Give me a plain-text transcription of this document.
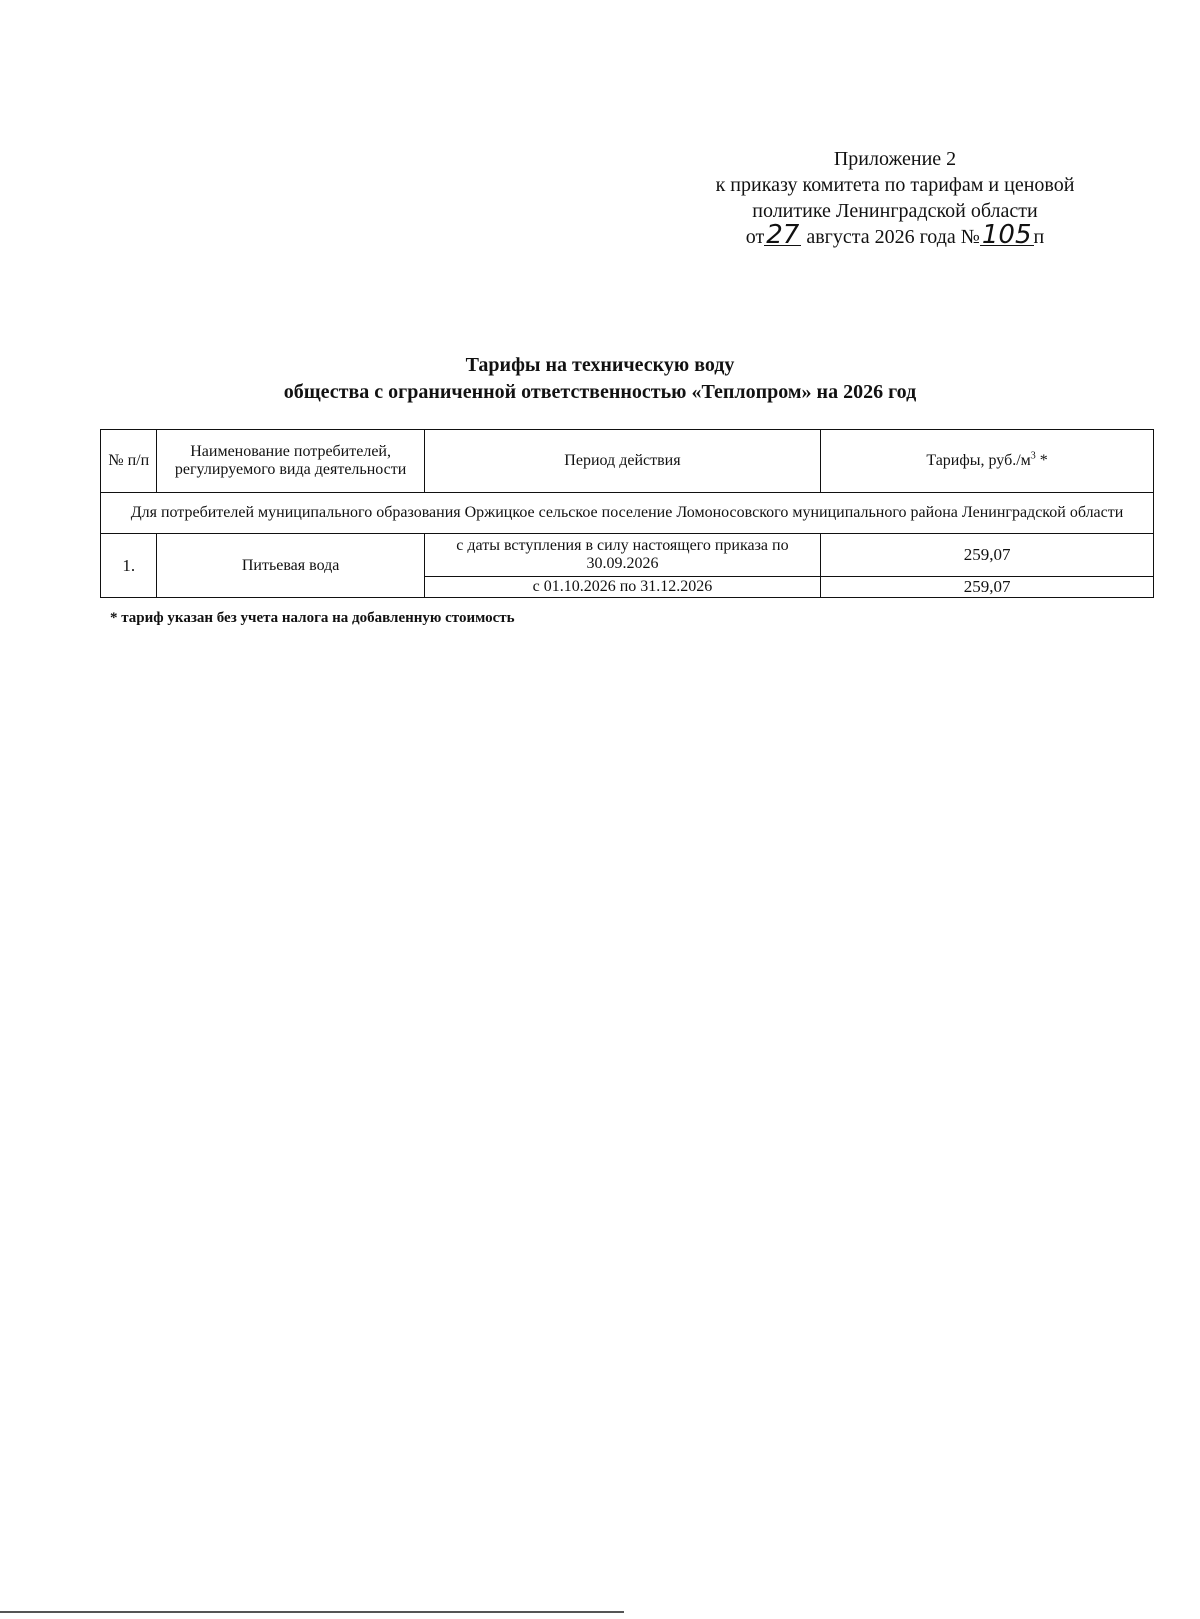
Приложение 2
к приказу комитета по тарифам и ценовой
политике Ленинградской области
от27 августа 2026 года №105 п
Тарифы на техническую воду
общества с ограниченной ответственностью «Теплопром» на 2026 год
№ п/п	Наименование потребителей, регулируемого вида деятельности	Период действия	Тарифы, $руб./м^3$ *
Для потребителей муниципального образования Оржицкое сельское поселение Ломоносовского муниципального района Ленинградской области			
1.	Питьевая вода	с даты вступления в силу настоящего приказа по 30.09.2026	259,07
		с 01.10.2026 по 31.12.2026	259,07
* тариф указан без учета налога на добавленную стоимость
